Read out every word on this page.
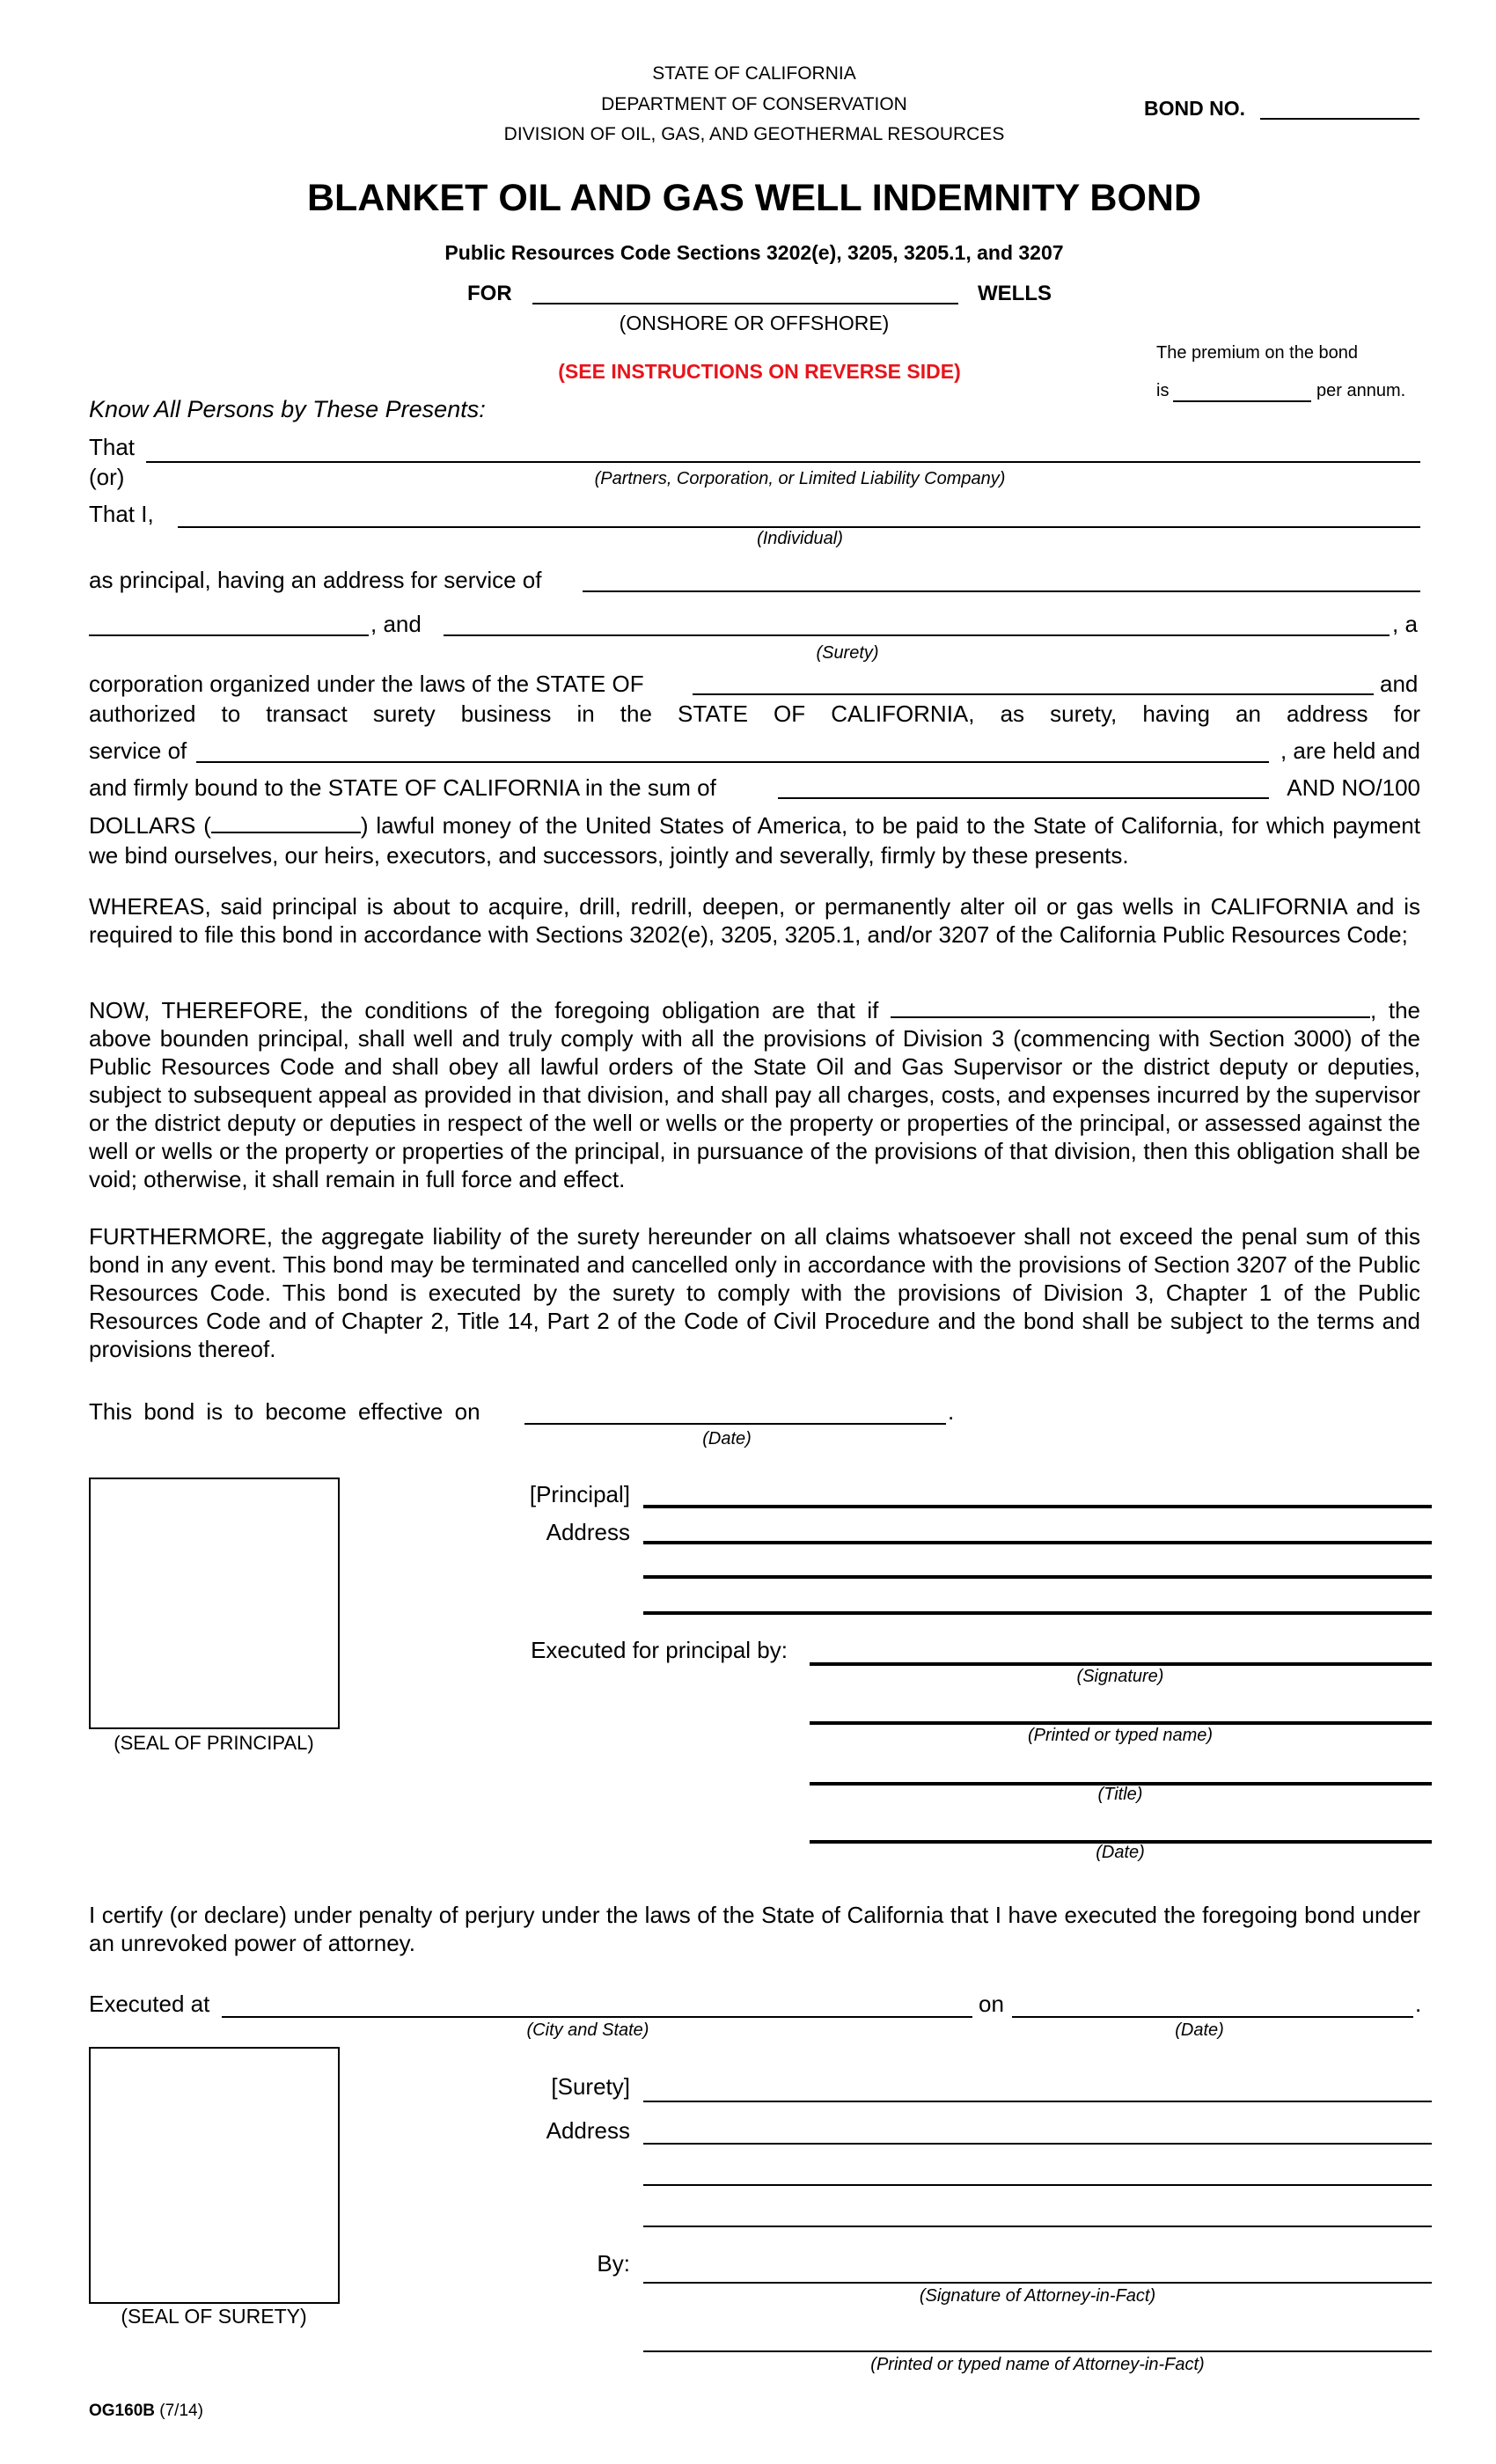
STATE OF CALIFORNIA
DEPARTMENT OF CONSERVATION
DIVISION OF OIL, GAS, AND GEOTHERMAL RESOURCES
BOND NO.
BLANKET OIL AND GAS WELL INDEMNITY BOND
Public Resources Code Sections 3202(e), 3205, 3205.1, and 3207
FOR	WELLS
(ONSHORE OR OFFSHORE)
(SEE INSTRUCTIONS ON REVERSE SIDE)
The premium on the bond
is	per annum.
Know All Persons by These Presents:
That
(or)	(Partners, Corporation, or Limited Liability Company)
That I,
(Individual)
as principal, having an address for service of
, and	, a
(Surety)
corporation organized under the laws of the STATE OF	and
authorized to transact surety business in the STATE OF CALIFORNIA, as surety, having an address for
service of	, are held and
and firmly bound to the STATE OF CALIFORNIA in the sum of	AND NO/100
DOLLARS (	) lawful money of the United States of America, to be paid to the State of California, for which payment we bind ourselves, our heirs, executors, and successors, jointly and severally, firmly by these presents.
WHEREAS, said principal is about to acquire, drill, redrill, deepen, or permanently alter oil or gas wells in CALIFORNIA and is required to file this bond in accordance with Sections 3202(e), 3205, 3205.1, and/or 3207 of the California Public Resources Code;
NOW, THEREFORE, the conditions of the foregoing obligation are that if	, the above bounden principal, shall well and truly comply with all the provisions of Division 3 (commencing with Section 3000) of the Public Resources Code and shall obey all lawful orders of the State Oil and Gas Supervisor or the district deputy or deputies, subject to subsequent appeal as provided in that division, and shall pay all charges, costs, and expenses incurred by the supervisor or the district deputy or deputies in respect of the well or wells or the property or properties of the principal, or assessed against the well or wells or the property or properties of the principal, in pursuance of the provisions of that division, then this obligation shall be void; otherwise, it shall remain in full force and effect.
FURTHERMORE, the aggregate liability of the surety hereunder on all claims whatsoever shall not exceed the penal sum of this bond in any event. This bond may be terminated and cancelled only in accordance with the provisions of Section 3207 of the Public Resources Code. This bond is executed by the surety to comply with the provisions of Division 3, Chapter 1 of the Public Resources Code and of Chapter 2, Title 14, Part 2 of the Code of Civil Procedure and the bond shall be subject to the terms and provisions thereof.
This bond is to become effective on	.
(Date)
(SEAL OF PRINCIPAL)
[Principal]
Address
Executed for principal by:
(Signature)
(Printed or typed name)
(Title)
(Date)
I certify (or declare) under penalty of perjury under the laws of the State of California that I have executed the foregoing bond under an unrevoked power of attorney.
Executed at	on	.
(City and State)	(Date)
(SEAL OF SURETY)
[Surety]
Address
By:
(Signature of Attorney-in-Fact)
(Printed or typed name of Attorney-in-Fact)
OG160B (7/14)
